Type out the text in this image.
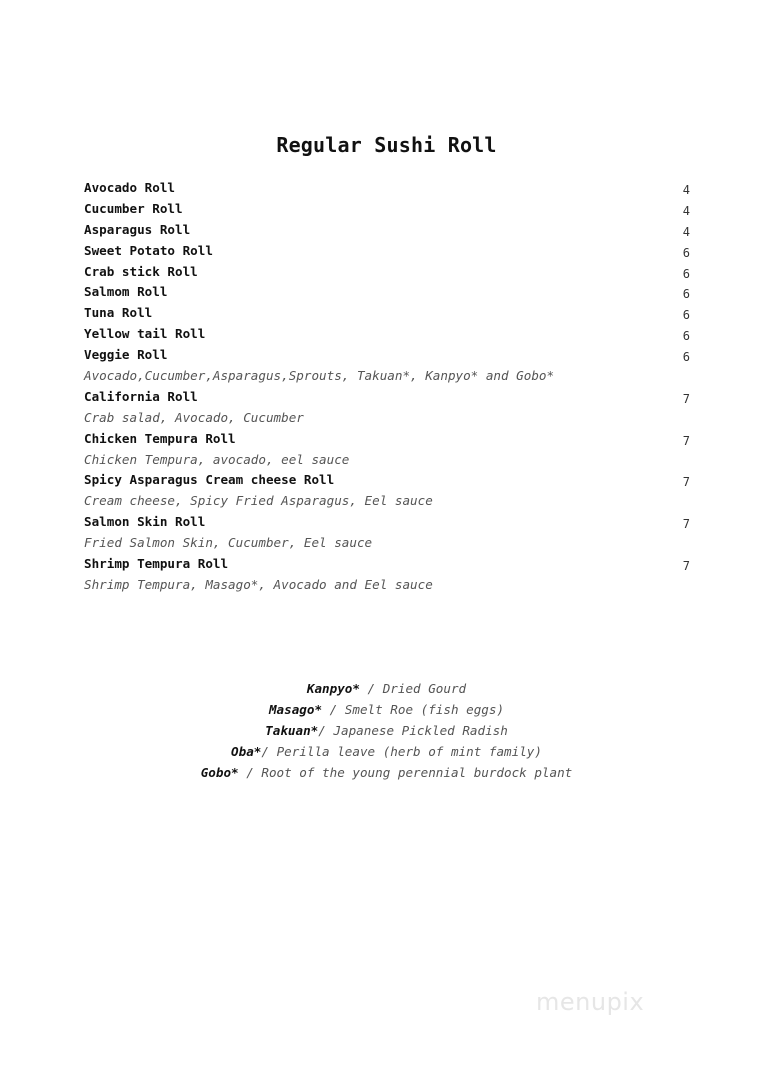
Regular Sushi Roll
Avocado Roll	4
Cucumber Roll	4
Asparagus Roll	4
Sweet Potato Roll	6
Crab stick Roll	6
Salmom Roll	6
Tuna Roll	6
Yellow tail Roll	6
Veggie Roll	6
Avocado,Cucumber,Asparagus,Sprouts, Takuan*, Kanpyo* and Gobo*
California Roll	7
Crab salad, Avocado, Cucumber
Chicken Tempura Roll	7
Chicken Tempura, avocado, eel sauce
Spicy Asparagus Cream cheese Roll	7
Cream cheese, Spicy Fried Asparagus, Eel sauce
Salmon Skin Roll	7
Fried Salmon Skin, Cucumber, Eel sauce
Shrimp Tempura Roll	7
Shrimp Tempura, Masago*, Avocado and Eel sauce
Kanpyo* / Dried Gourd
Masago* / Smelt Roe (fish eggs)
Takuan*/ Japanese Pickled Radish
Oba*/ Perilla leave (herb of mint family)
Gobo* / Root of the young perennial burdock plant
menupix
